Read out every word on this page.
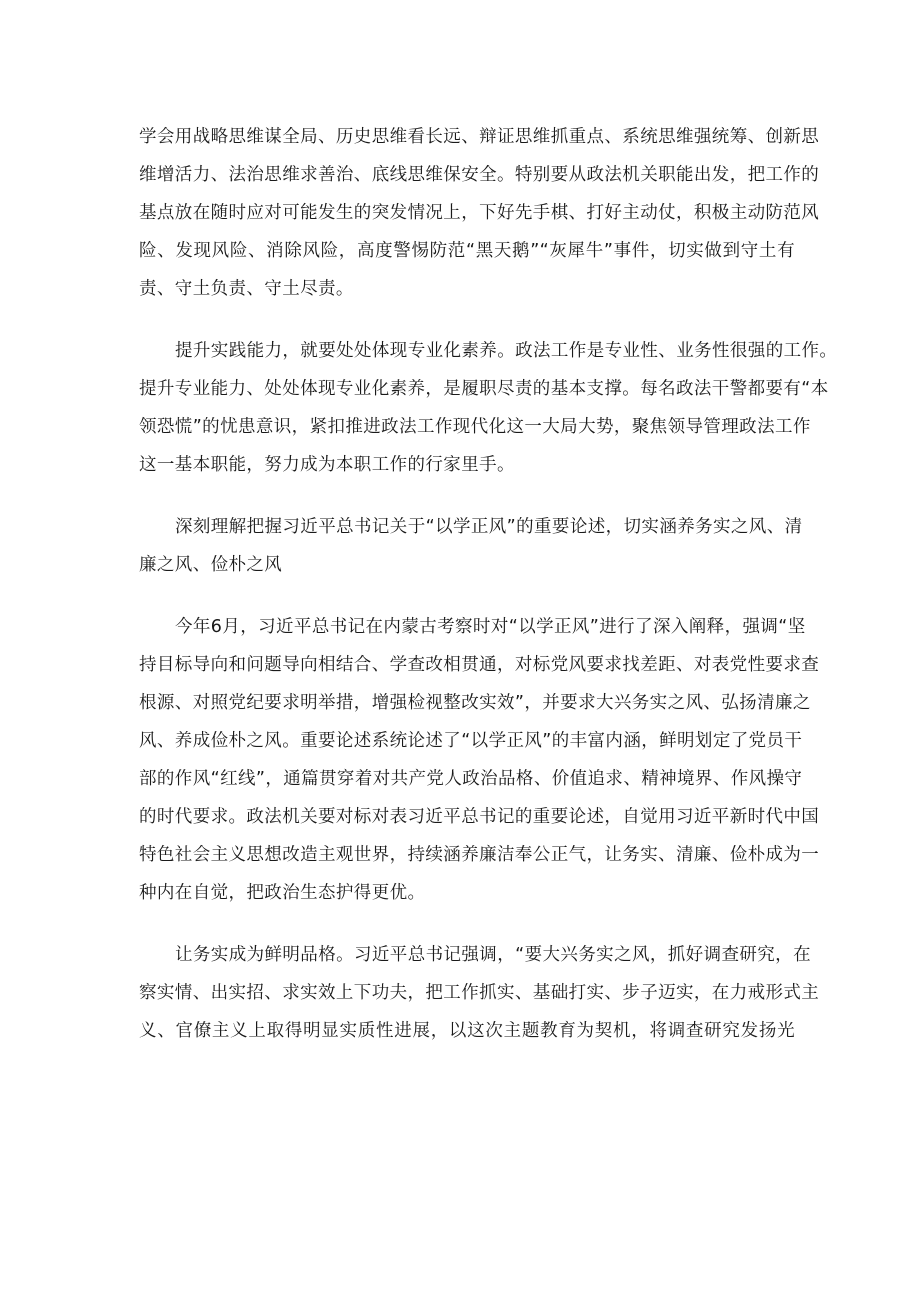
学会用战略思维谋全局、历史思维看长远、辩证思维抓重点、系统思维强统筹、创新思
维增活力、法治思维求善治、底线思维保安全。特别要从政法机关职能出发，把工作的
基点放在随时应对可能发生的突发情况上，下好先手棋、打好主动仗，积极主动防范风
险、发现风险、消除风险，高度警惕防范“黑天鹅”“灰犀牛”事件，切实做到守土有
责、守土负责、守土尽责。
提升实践能力，就要处处体现专业化素养。政法工作是专业性、业务性很强的工作。
提升专业能力、处处体现专业化素养，是履职尽责的基本支撑。每名政法干警都要有“本
领恐慌”的忧患意识，紧扣推进政法工作现代化这一大局大势，聚焦领导管理政法工作
这一基本职能，努力成为本职工作的行家里手。
深刻理解把握习近平总书记关于“以学正风”的重要论述，切实涵养务实之风、清
廉之风、俭朴之风
今年6月，习近平总书记在内蒙古考察时对“以学正风”进行了深入阐释，强调“坚
持目标导向和问题导向相结合、学查改相贯通，对标党风要求找差距、对表党性要求查
根源、对照党纪要求明举措，增强检视整改实效”，并要求大兴务实之风、弘扬清廉之
风、养成俭朴之风。重要论述系统论述了“以学正风”的丰富内涵，鲜明划定了党员干
部的作风“红线”，通篇贯穿着对共产党人政治品格、价值追求、精神境界、作风操守
的时代要求。政法机关要对标对表习近平总书记的重要论述，自觉用习近平新时代中国
特色社会主义思想改造主观世界，持续涵养廉洁奉公正气，让务实、清廉、俭朴成为一
种内在自觉，把政治生态护得更优。
让务实成为鲜明品格。习近平总书记强调，“要大兴务实之风，抓好调查研究，在
察实情、出实招、求实效上下功夫，把工作抓实、基础打实、步子迈实，在力戒形式主
义、官僚主义上取得明显实质性进展，以这次主题教育为契机，将调查研究发扬光
